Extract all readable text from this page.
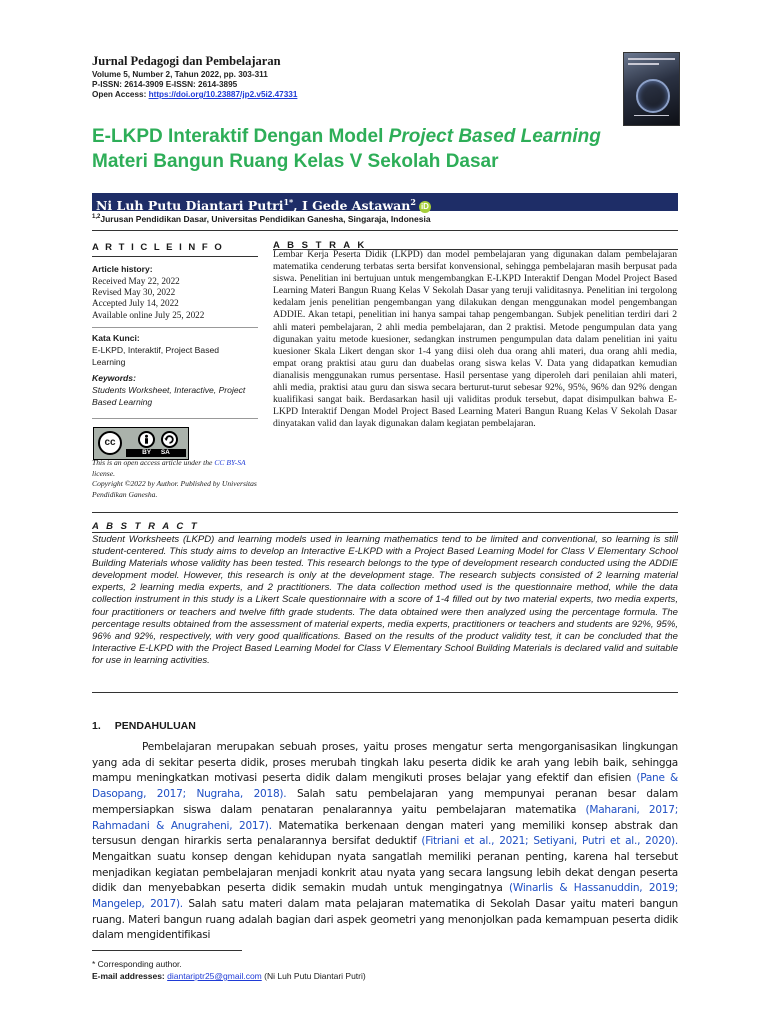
Jurnal Pedagogi dan Pembelajaran
Volume 5, Number 2, Tahun 2022, pp. 303-311
P-ISSN: 2614-3909 E-ISSN: 2614-3895
Open Access: https://doi.org/10.23887/jp2.v5i2.47331
E-LKPD Interaktif Dengan Model Project Based Learning
Materi Bangun Ruang Kelas V Sekolah Dasar
Ni Luh Putu Diantari Putri$^{1*}$, I Gede Astawan$^2$ iD
$^{1,2}$Jurusan Pendidikan Dasar, Universitas Pendidikan Ganesha, Singaraja, Indonesia
A R T I C L E I N F O
Article history:
Received May 22, 2022
Revised May 30, 2022
Accepted July 14, 2022
Available online July 25, 2022
Kata Kunci:
E-LKPD, Interaktif, Project Based Learning
Keywords:
Students Worksheet, Interactive, Project Based Learning
cc
BY SA
This is an open access article under the CC BY-SA license.
Copyright ©2022 by Author. Published by Universitas Pendidikan Ganesha.
A B S T R A K
Lembar Kerja Peserta Didik (LKPD) dan model pembelajaran yang digunakan dalam pembelajaran matematika cenderung terbatas serta bersifat konvensional, sehingga pembelajaran masih berpusat pada siswa. Penelitian ini bertujuan untuk mengembangkan E-LKPD Interaktif Dengan Model Project Based Learning Materi Bangun Ruang Kelas V Sekolah Dasar yang teruji validitasnya. Penelitian ini tergolong kedalam jenis penelitian pengembangan yang dilakukan dengan menggunakan model pengembangan ADDIE. Akan tetapi, penelitian ini hanya sampai tahap pengembangan. Subjek penelitian terdiri dari 2 ahli materi pembelajaran, 2 ahli media pembelajaran, dan 2 praktisi. Metode pengumpulan data yang digunakan yaitu metode kuesioner, sedangkan instrumen pengumpulan data dalam penelitian ini yaitu kuesioner Skala Likert dengan skor 1-4 yang diisi oleh dua orang ahli materi, dua orang ahli media, empat orang praktisi atau guru dan duabelas orang siswa kelas V. Data yang didapatkan kemudian dianalisis menggunakan rumus persentase. Hasil persentase yang diperoleh dari penilaian ahli materi, ahli media, praktisi atau guru dan siswa secara berturut-turut sebesar 92%, 95%, 96% dan 92% dengan kualifikasi sangat baik. Berdasarkan hasil uji validitas produk tersebut, dapat disimpulkan bahwa E-LKPD Interaktif Dengan Model Project Based Learning Materi Bangun Ruang Kelas V Sekolah Dasar dinyatakan valid dan layak digunakan dalam kegiatan pembelajaran.
A B S T R A C T
Student Worksheets (LKPD) and learning models used in learning mathematics tend to be limited and conventional, so learning is still student-centered. This study aims to develop an Interactive E-LKPD with a Project Based Learning Model for Class V Elementary School Building Materials whose validity has been tested. This research belongs to the type of development research conducted using the ADDIE development model. However, this research is only at the development stage. The research subjects consisted of 2 learning material experts, 2 learning media experts, and 2 practitioners. The data collection method used is the questionnaire method, while the data collection instrument in this study is a Likert Scale questionnaire with a score of 1-4 filled out by two material experts, two media experts, four practitioners or teachers and twelve fifth grade students. The data obtained were then analyzed using the percentage formula. The percentage results obtained from the assessment of material experts, media experts, practitioners or teachers and students are 92%, 95%, 96% and 92%, respectively, with very good qualifications. Based on the results of the product validity test, it can be concluded that the Interactive E-LKPD with the Project Based Learning Model for Class V Elementary School Building Materials is declared valid and suitable for use in learning activities.
1. PENDAHULUAN
Pembelajaran merupakan sebuah proses, yaitu proses mengatur serta mengorganisasikan lingkungan yang ada di sekitar peserta didik, proses merubah tingkah laku peserta didik ke arah yang lebih baik, sehingga mampu meningkatkan motivasi peserta didik dalam mengikuti proses belajar yang efektif dan efisien (Pane & Dasopang, 2017; Nugraha, 2018). Salah satu pembelajaran yang mempunyai peranan besar dalam mempersiapkan siswa dalam penataran penalarannya yaitu pembelajaran matematika (Maharani, 2017; Rahmadani & Anugraheni, 2017). Matematika berkenaan dengan materi yang memiliki konsep abstrak dan tersusun dengan hirarkis serta penalarannya bersifat deduktif (Fitriani et al., 2021; Setiyani, Putri et al., 2020). Mengaitkan suatu konsep dengan kehidupan nyata sangatlah memiliki peranan penting, karena hal tersebut menjadikan kegiatan pembelajaran menjadi konkrit atau nyata yang secara langsung lebih dekat dengan peserta didik dan menyebabkan peserta didik semakin mudah untuk mengingatnya (Winarlis & Hassanuddin, 2019; Mangelep, 2017). Salah satu materi dalam mata pelajaran matematika di Sekolah Dasar yaitu materi bangun ruang. Materi bangun ruang adalah bagian dari aspek geometri yang menonjolkan pada kemampuan peserta didik dalam mengidentifikasi
* Corresponding author.
E-mail addresses: diantariptr25@gmail.com (Ni Luh Putu Diantari Putri)
